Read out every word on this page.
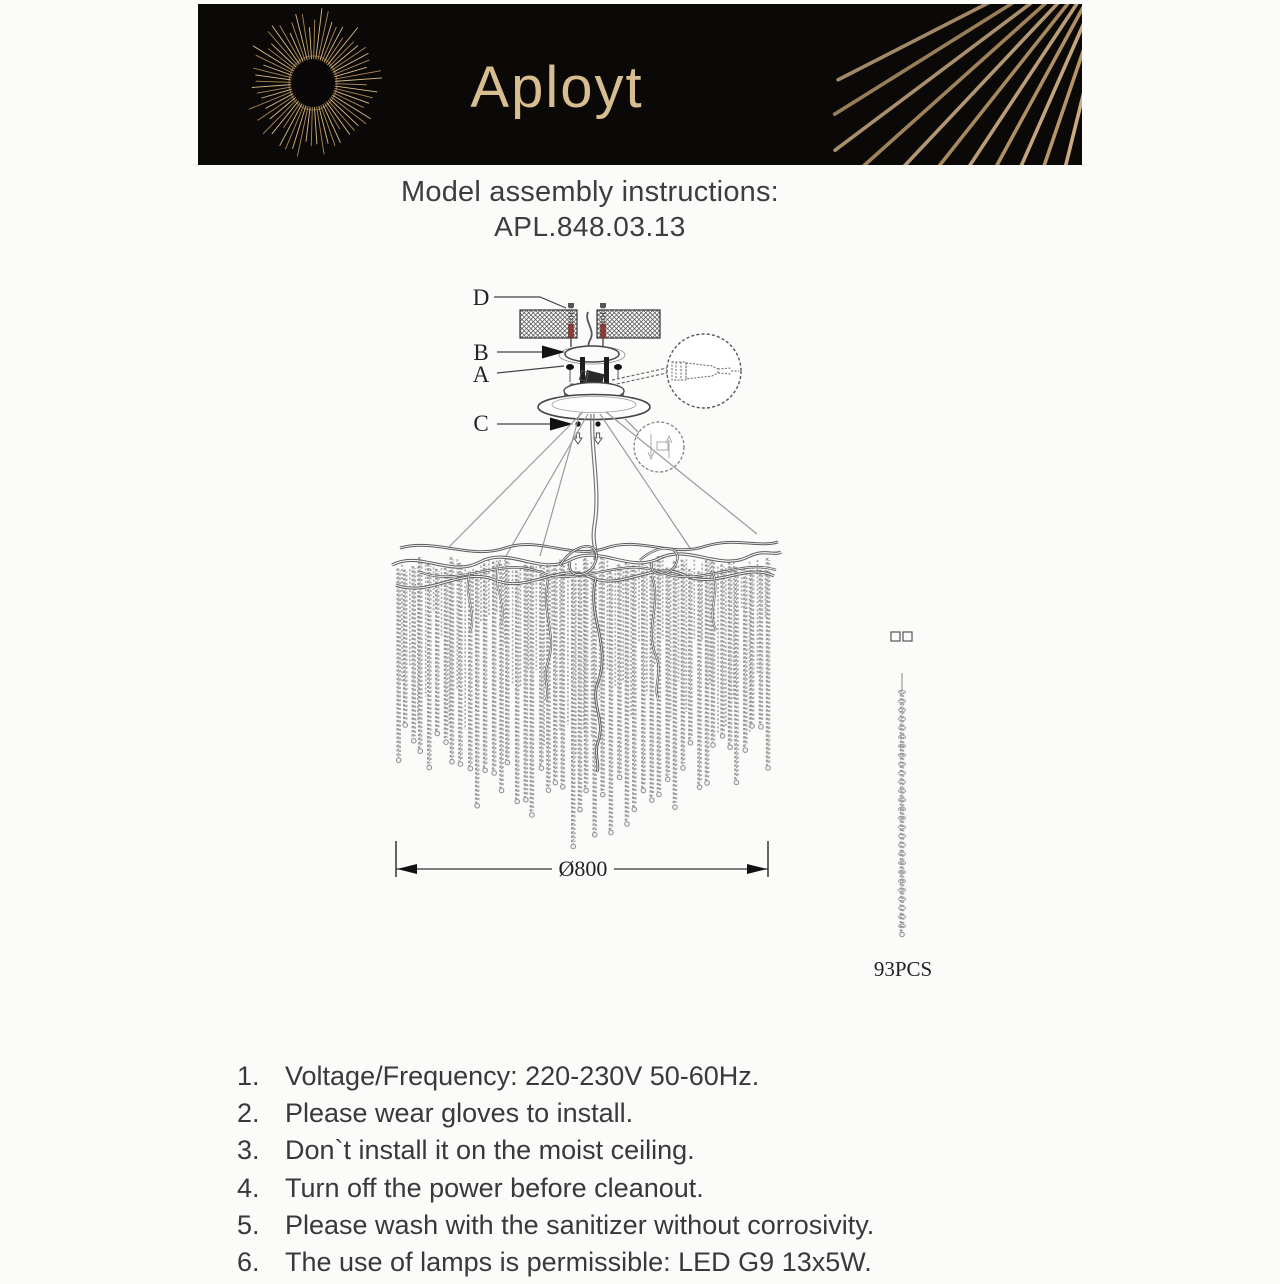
Aployt
Model assembly instructions:
APL.848.03.13
D
B
A
C
Ø800
93PCS
1. Voltage/Frequency: 220-230V 50-60Hz.
2. Please wear gloves to install.
3. Don`t install it on the moist ceiling.
4. Turn off the power before cleanout.
5. Please wash with the sanitizer without corrosivity.
6. The use of lamps is permissible: LED G9 13x5W.
